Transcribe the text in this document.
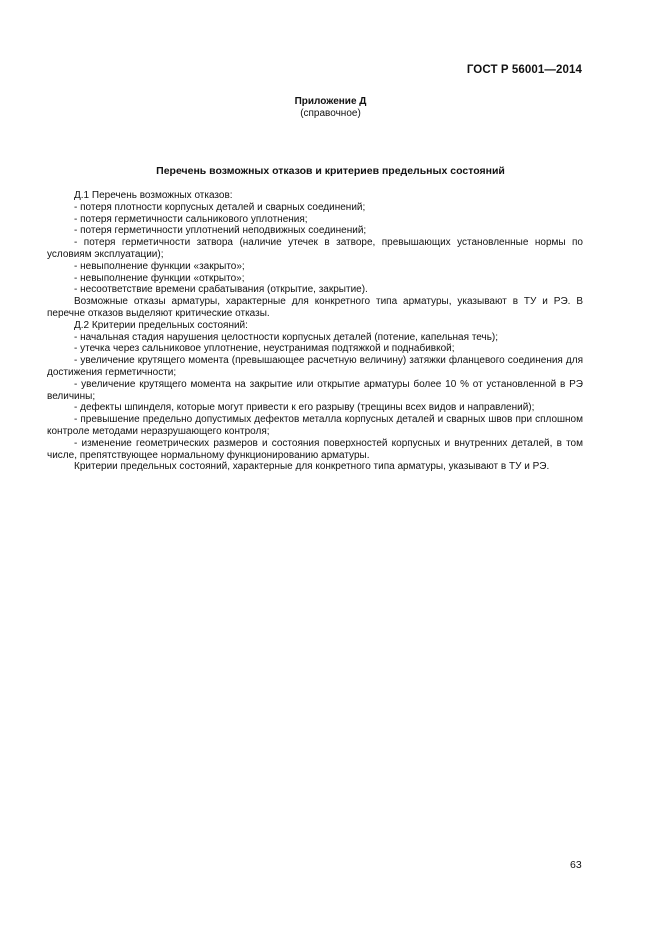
ГОСТ Р 56001—2014
Приложение Д
(справочное)
Перечень возможных отказов и критериев предельных состояний

Д.1 Перечень возможных отказов:

- потеря плотности корпусных деталей и сварных соединений;

- потеря герметичности сальникового уплотнения;

- потеря герметичности уплотнений неподвижных соединений;

- потеря герметичности затвора (наличие утечек в затворе, превышающих установленные нормы по условиям эксплуатации);

- невыполнение функции «закрыто»;

- невыполнение функции «открыто»;

- несоответствие времени срабатывания (открытие, закрытие).

Возможные отказы арматуры, характерные для конкретного типа арматуры, указывают в ТУ и РЭ. В перечне отказов выделяют критические отказы.

Д.2 Критерии предельных состояний:

- начальная стадия нарушения целостности корпусных деталей (потение, капельная течь);

- утечка через сальниковое уплотнение, неустранимая подтяжкой и поднабивкой;

- увеличение крутящего момента (превышающее расчетную величину) затяжки фланцевого соединения для достижения герметичности;

- увеличение крутящего момента на закрытие или открытие арматуры более 10 % от установленной в РЭ величины;

- дефекты шпинделя, которые могут привести к его разрыву (трещины всех видов и направлений);

- превышение предельно допустимых дефектов металла корпусных деталей и сварных швов при сплошном контроле методами неразрушающего контроля;

- изменение геометрических размеров и состояния поверхностей корпусных и внутренних деталей, в том числе, препятствующее нормальному функционированию арматуры.

Критерии предельных состояний, характерные для конкретного типа арматуры, указывают в ТУ и РЭ.

63
